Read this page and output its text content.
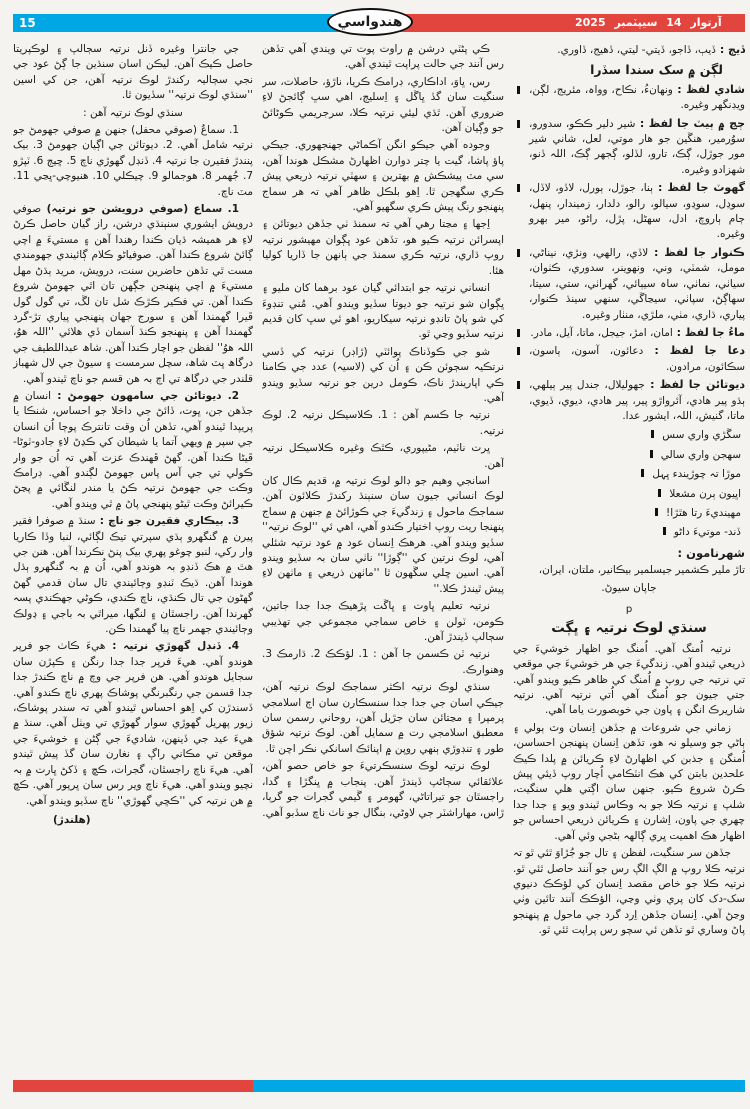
15	آرتوار 14 سيپٽمبر 2025
هندواسي
ڏيڄ : ڏيٻ، ڏاجو، ڏيتي- ليتي، ڏهيج، ڏاوري.
لڳن ۾ سک سندا سڏرا
شادي لفظ : ونهانءُ، نڪاح، وواہ، مئريج، لڳن، ويڊنگهر وغيره.
ڄڃ ۾ ٻيٽ جا لفظ : شير دلير ڪڪو، سدورو، سوُرمير، هنڱين جو هار موتي، لعل، شاني شير مور جوڙل، ڳڪ، تارو، لڏلو، ڳجهر ڳڪ، اللہ ڏنو، شهزادو وغيره.
گهوٽ جا لفظ : ٻنا، جوڙل، ٻورل، لاڏو، لاڏل، سوڍل، سوڍو، سيالو، رالو، دلدار، زميندار، پنهل، ڄام ٻاروچ، ادل، سهڻل، پڙل، راڻو، مير بهرو وغيره.
ڪنوار جا لفظ : لاڏي، رالهي، ونڙي، نيناڻي، مومل، شمٽي، وني، ونهوينر، سدوري، ڪٺوان، سياٺي، نماٺي، ساہ سيٻائي، گهراٺي، ستي، سيتا، سهاڳڻ، سپاٺي، سيڃاڱي، سنهي سينڌ ڪنوار، پياري، ڌاري، مٺي، ملڙي، منٺار وغيره.
ماءُ جا لفظ : امان، امڙ، جيجل، ماتا، آيل، مادر.
دعا جا لفظ : دعائون، آسون، ٻاسون، سڪائون، مرادون.
ديوتائن جا لفظ : جهوليلال، جندل پير ٻيلهي، ٻڌو پير هادي، آئرواڙو پير، پير هادي، ديوي، ڏيوي، ماتا، گنيش، اللہ، ايشور عدا.
سڱڙي واري سس
سهجن واري سالي
موڙا تہ چوڙيندء ڀہل
اڀيون ٻرن مشعلا
مهينديءَ رتا هٿڙا!
ڏند- موتيءَ داڻو
شهرنامون :
تاڙ ملير ڪشمير جيسلمير بيڪانير، ملتان، ايران،
جاپان سيوڻ.
p
سنڌي لوڪ نرتيہ ۽ ڀڳت

نرتيہ اُمنگ آهي. اُمنگ جو اظهار خوشيءَ جي ذريعي ٿيندو آهي. زندگيءَ جي هر خوشيءَ جي موقعي تي نرتيہ جي روپ ۾ اُمنگ کي ظاهر ڪيو ويندو آهي. جتي جيون جو اُمنگ آهي اُتي نرتيہ آهي. نرتيہ شاريرڪ انگن ۽ پاون جي خوبصورت ياما آهي.

زماني جي شروعات ۾ جڏهن اِنسان وٽ ٻولي ۽ ٻاڻي جو وسيلو نہ هو، تڏهن اِنسان پنهنجن احساسن، اُمنگن ۽ جذبن کي اظهارڻ لاءِ ڪريائن ۾ پلدا ڪيڪ علحدين بابتن کي هڪ انٽڪامي اُچار روپ ڏيئي پيش ڪرڻ شروع ڪيو. جنهن سان اڳتي هلي سنگيت، شلپ ۽ نرتيہ ڪلا جو بہ وڪاس ٿيندو ويو ۽ جدا جدا چهري جي پاون، اِشارن ۽ ڪريائن ذريعي احساس جو اظهار هڪ اهميت ڀري ڳالهہ بڻجي وئي آهي.

جڏهن سر سنگيت، لفظن ۽ تال جو جُڙاوَ ٿئي ٿو تہ نرتيہ ڪلا روپ ۾ الڳ الڳ رس جو آنند حاصل ٿئي ٿو. نرتيہ ڪلا جو خاص مقصد اِنسان کي لؤڪڪ دنيوي سک-دک کان پري وٺي وڃي، الؤڪڪ آنند تائين وٺي وڃڻ آهي. اِنسان جڏهن اِرد گرد جي ماحول ۾ پنهنجو پاڻ وساري ٿو تڏهن ئي سچو رس پراپت ٿئي ٿو.

ڪي پڻٽي درشن ۾ راوت پوت تي ويندي آهي تڏهن رس آنند جي حالت پراپت ٿيندي آهي.

رس، ڀاوَ، اداڪاري، ڊرامڪ ڪريا، ناڙؤ، حاصلات، سر سنگيت سان گڏ ڀاڱل ۽ اِسليڄ، اهي سڀ ڳائجڻ لاءِ ضروري آهن. ٿڌي ليئي نرتيہ ڪلا، سرجريمي ڪوڻائڻ جو وڳيان آهن.

وجوده آهي جيڪو انگن آڪماڻي جهنجهوري. جيڪي پاؤ پاشا، گيت يا چتر دوارن اظهارڻ مشڪل هوندا آهن، سي مٽ پيشڪش ۾ بهترين ۽ سهٽي نرتيہ ذريعي پيش ڪري سگهجن ٿا. اِهو بلڪل ظاهر آهي تہ هر سماج پنهنجو رنگ پيش ڪري سگهيو آهي.

اِجها ۽ مڃتا رهي آهي تہ سمنڌ ٺي جڏهن ديوتائن ۽ اپسرائن نرتيہ ڪيو هو، تڏهن عود ڀڳوان مهيشور نرتيہ روپ ڌاري، نرتيہ ڪري سمنڌ جي ٻانهن جا ڏاريا کوليا هئا.

انساني نرتيہ جو ابتدائي گيان عود برهما کان مليو ۽ ڀڳوان شو نرتيہ جو ديوتا سڏيو ويندو آهي. مُني تنڊوءَ کي شو پاڻ تانڊو نرتيہ سيکاريو، اهو ئي سڀ کان قديم نرتيہ سڏيو وڃي ٿو.

شو جي ڪوڏناڪ پوائٽي (ڙاڊر) نرتيہ کي ڏسي نرتڪيہ سڄوئن ڪن ۽ اُن کي (لاسيہ) عدد جي ڪامنا ڪي اپاريندڙ ناڪ، ڪومل درين جو نرتيہ سڏيو ويندو آهي.

نرتيہ جا ڪسم آهن : 1. ڪلاسيڪل نرتيہ 2. لوڪ نرتيہ.

ڀرت ناٽيم، مڻيپوري، ڪٿڪ وغيره ڪلاسيڪل نرتيہ آهن.

اسانجي وهيم جو ڊالو لوڪ نرتيہ ۾، قديم ڪال کان لوڪ انساني جيون سان سنٻنڌ رکندڙ ڪلائون آهن. سماجڪ ماحول ۽ زندگيءَ جي ڪوڙائڻ ۾ جنهن ۾ سماج پنهنجا ريت روپ اختيار ڪندو آهي، اهي ئي ''لوڪ نرتيہ'' سڏيو ويندو آهي. هرهڪ اِنسان عود ۾ عود نرتيہ شئلي آهي، لوڪ نرتين کي ''ڳوڙا'' ناٺي سان بہ سڏيو ويندو آهي. اسين ڇلي سڱهون ٿا ''ماٺهن ذريعي ۽ ماٺهن لاءِ پيش ٿيندڙ ڪلا.''

نرتيہ تعليم ڀاوت ۽ ڀاڱت پڙهيڪ جدا جدا جاتين، ڪومن، ٽولن ۽ خاص سماجي مجموعي جي تهذيبي سڄالپ ڏيندڙ آهن.

نرتيہ ٽن ڪسمن جا آهن : 1. لؤڪڪ 2. ڌارمڪ 3. وهنوارڪ.

سنڌي لوڪ نرتيہ اڪثر سماجڪ لوڪ نرتيہ آهن، جيڪي اسان جي جدا جدا سنسڪارن سان اڄ اسلامجي پرمپرا ۽ مڃتائن سان جڙيل آهن، روحاني رسمن سان معطبق اسلامجي رت ۾ سمايل آهن. لوڪ نرتيہ شؤق طور ۽ تنڊوڙي ٻنهي روپن ۾ اپنائڪ اسانکي نڪر اچن ٿا.

لوڪ نرتيہ لوڪ سنسڪرتيءَ جو خاص حصو آهن، علائقائي سڄاڻپ ڏيندڙ آهن. پنجاب ۾ ڀنگڙا ۽ گدا، راجسٿان جو تيراتاڻي، گهومر ۽ ڱيمي گجرات جو گرٻا، ڙاس، مهاراشٽر جي لاوڻي، بنگال جو ناٺ ناچ سڏبو آهي.

جي جانترا وغيره ڏنل نرتيہ سڄالپ ۽ لوڪپريتا حاصل ڪيڪ آهن. ليڪن اسان سنڌين جا ڳڻ عود جي نجي سڄاليہ رکندڙ لوڪ نرتيہ آهن، جن کي اسين ''سنڌي لوڪ نرتيہ'' سڏيون ٿا.

سنڌي لوڪ نرتيہ آهن :

1. سماعُ (صوفي محفل) جنهن ۾ صوفي جهومڻ جو نرتيہ شامل آهي. 2. ديوتائن جي اڳيان جهومڻ 3. بيک پنندڙ فقيرن جا نرتيہ 4. ڏنڊل گهوڙي ناچ 5. ڇيڄ 6. ٽپڙو 7. جُهمر 8. هوجمالو 9. چيڪلي 10. هنيوچي-ڀڃي 11. مٽ ناچ.

1. سماع (صوفي درويشن جو نرتيہ) صوفي درويش ايشوري سنٻنڌي درشن، راز گيان حاصل ڪرڻ لاءِ هر هميشہ ڌيان ڪندا رهندا آهن ۽ مستيءَ ۾ اچي ڳائڻ شروع ڪندا آهن. صوفياڻو ڪلام ڳائيندي جهومندي مست ٿي تڏهن حاضرين سنت، درويش، مريد ٻڌڻ مهل مستيءَ ۾ اچي پنهنجن جڳهن تان اٿي جهومڻ شروع ڪندا آهن. تي فڪير ڪڙڪ شل تان لڱ، تي گول گول ڦيرا گهمندا آهن ۽ سورج جهان پنهنجي پياري تڙ-گرد گهمندا آهن ۽ پنهنجو ڪنڌ آسمان ڏي هلائي ''اللہ هوُ، اللہ هوُ'' لفظن جو اچار ڪندا آهن. شاھ عبداللطيف جي درگاھ ڀٽ شاھ، سچل سرمست ۽ سيوڻ جي لال شهباز قلندر جي درگاھ تي اڄ بہ هن قسم جو ناچ ٿيندو آهي.

2. ديوتائن جي سامهون جهومڻ : انسان ۾ جڏهن جن، ڀوت، ڏائڻ جي داخلا جو احساس، شنڪا يا پريپدا ٿيندو آهي، تڏهن اُن وقت تانترڪ پوڄا اُن انسان جي سپر ۾ ويهي آتما يا شيطان کي ڪڍڻ لاءِ جادو-ٽوڻا-ڦيڻا ڪندا آهن. گهڻ ڦهندڪ عزت آهي تہ اُن جو وار ڪولي تي جي آس پاس جهومڻ لڳندو آهي. ڊرامڪ وڪت جي جهومڻ نرتيہ ڪڻ يا مندر لنڱائي ۾ پڃڻ ڪيرائڻ وڪت ٿيڻو پنهنجي پاڻ ۾ ٿي ويندو آهي.

3. بيڪاري فقيرن جو ناچ : سنڌ ۾ صوفرا فقير پيرن ۾ گنگهرو ٻڌي سپرتي تيڪ لڳائي، لنبا وڏا ڪاريا وار رکي، لنبو چوغو پهري بيک پنڻ نڪرندا آهن. هنن جي هٿ ۾ هڪ ڏنڊو بہ هوندو آهي، اُن ۾ بہ گنگهرو ٻڌل هوندا آهن. ڌيڪ ٽنڊو وڄائيندي تال سان قدمي گهڻ گهڻون جي تال ڪنڌي، ناچ ڪندي، ڪوڻي جهڪندي پسہ گهرندا آهن. راجسٿان ۽ لنگها، ميراٿي بہ باجي ۽ ڍولڪ وڄائيندي جهمر ناچ پيا گهمندا ڪن.

4. ڏنڊل گهوڙي نرتيہ : هيءَ ڪاٺ جو فرپر هوندو آهي. هيءَ فرپر جدا جدا رنگن ۽ ڪپڙن سان سجايل هوندو آهي. هن فرپر جي وچ ۾ ناچ ڪندڙ جدا جدا قسمن جي رنگبرنگي پوشاڪ پهري ناچ ڪندو آهي. ڏسندڙن کي اِهو احساس ٿيندو آهي تہ سندر پوشاڪ، زيور پهريل گهوڙي سوار گهوڙي تي ويٺل آهي. سنڌ ۾ هيءَ عيد جي ڏينهن، شاديءَ جي ڳڻن ۽ خوشيءَ جي موقعن تي مڪاني راڳ ۽ نغارن سان گڏ پيش ٿيندو آهي. هيءَ ناچ راجسٿان، گجرات، ڪڇ ۽ ڏکڻ ڀارت ۾ بہ نچيو ويندو آهي. هيءَ ناچ وير رس سان ڀرپور آهي. ڪڇ ۾ هن نرتيہ کي ''ڪڇي گهوڙي'' ناچ سڏيو ويندو آهي.

(هلندڙ)
